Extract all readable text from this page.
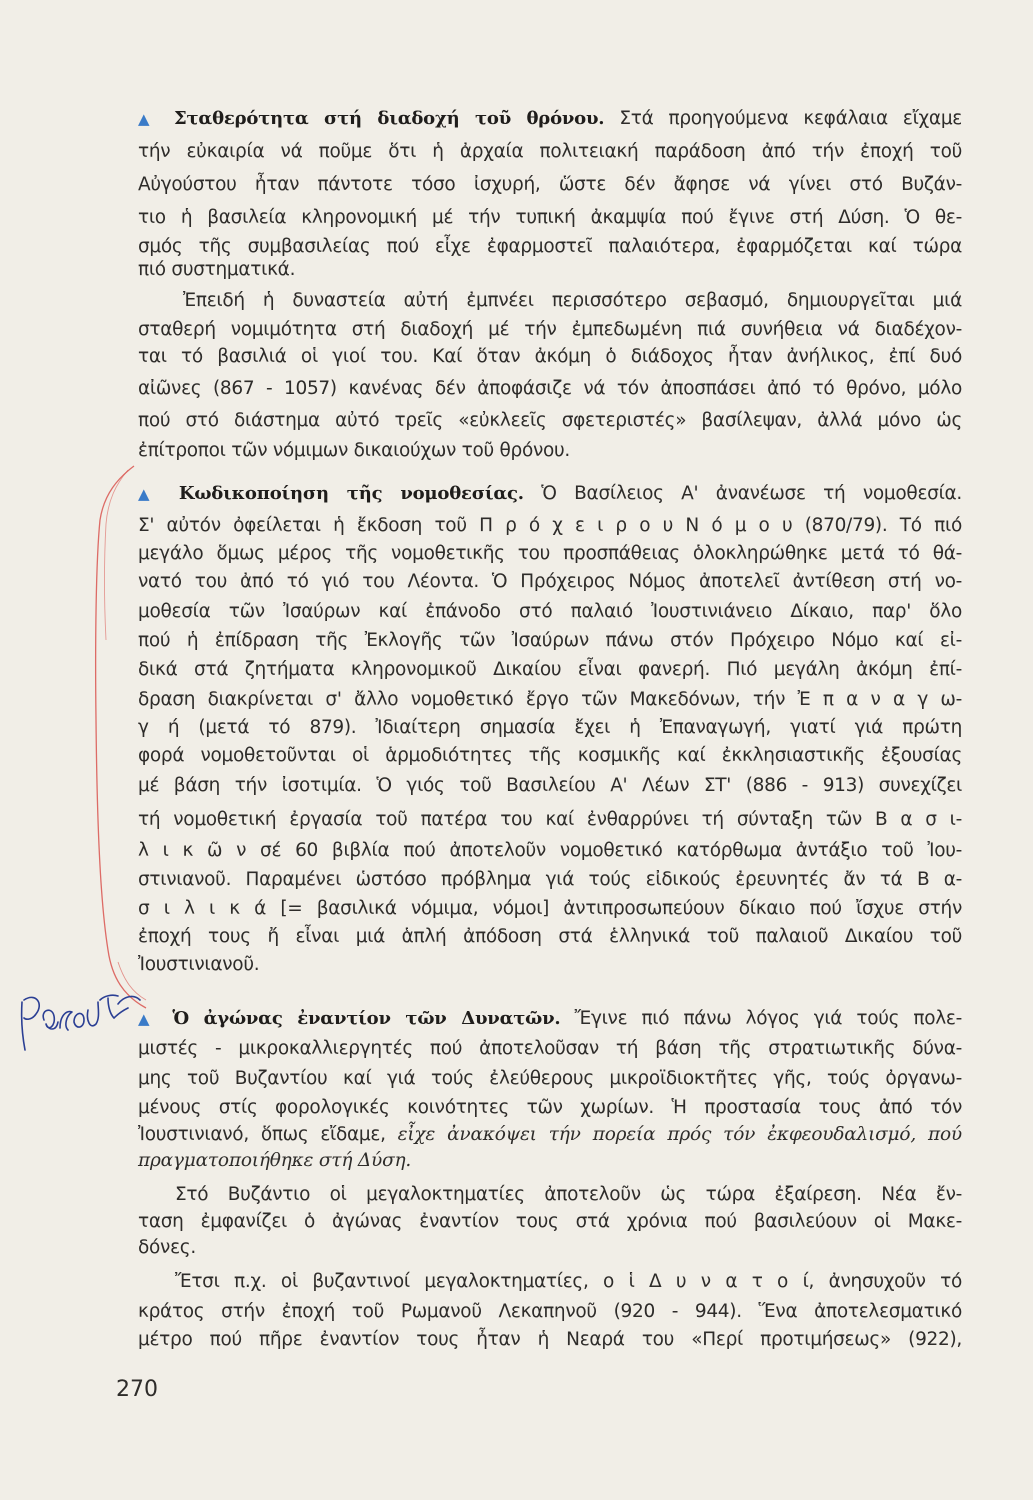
▲ Σταθερότητα στή διαδοχή τοῦ θρόνου. Στά προηγούμενα κεφάλαια εἴχαμε
τήν εὐκαιρία νά ποῦμε ὅτι ἡ ἀρχαία πολιτειακή παράδοση ἀπό τήν ἐποχή τοῦ
Αὐγούστου ἦταν πάντοτε τόσο ἰσχυρή, ὥστε δέν ἄφησε νά γίνει στό Βυζάν-
τιο ἡ βασιλεία κληρονομική μέ τήν τυπική ἀκαμψία πού ἔγινε στή Δύση. Ὁ θε-
σμός τῆς συμβασιλείας πού εἶχε ἐφαρμοστεῖ παλαιότερα, ἐφαρμόζεται καί τώρα
πιό συστηματικά.
Ἐπειδή ἡ δυναστεία αὐτή ἐμπνέει περισσότερο σεβασμό, δημιουργεῖται μιά
σταθερή νομιμότητα στή διαδοχή μέ τήν ἐμπεδωμένη πιά συνήθεια νά διαδέχον-
ται τό βασιλιά οἱ γιοί του. Καί ὅταν ἀκόμη ὁ διάδοχος ἦταν ἀνήλικος, ἐπί δυό
αἰῶνες (867 - 1057) κανένας δέν ἀποφάσιζε νά τόν ἀποσπάσει ἀπό τό θρόνο, μόλο
πού στό διάστημα αὐτό τρεῖς «εὐκλεεῖς σφετεριστές» βασίλεψαν, ἀλλά μόνο ὡς
ἐπίτροποι τῶν νόμιμων δικαιούχων τοῦ θρόνου.
▲ Κωδικοποίηση τῆς νομοθεσίας. Ὁ Βασίλειος Α' ἀνανέωσε τή νομοθεσία.
Σ' αὐτόν ὀφείλεται ἡ ἔκδοση τοῦ Π ρ ό χ ε ι ρ ο υ Ν ό μ ο υ (870/79). Τό πιό
μεγάλο ὅμως μέρος τῆς νομοθετικῆς του προσπάθειας ὁλοκληρώθηκε μετά τό θά-
νατό του ἀπό τό γιό του Λέοντα. Ὁ Πρόχειρος Νόμος ἀποτελεῖ ἀντίθεση στή νο-
μοθεσία τῶν Ἰσαύρων καί ἐπάνοδο στό παλαιό Ἰουστινιάνειο Δίκαιο, παρ' ὅλο
πού ἡ ἐπίδραση τῆς Ἐκλογῆς τῶν Ἰσαύρων πάνω στόν Πρόχειρο Νόμο καί εἰ-
δικά στά ζητήματα κληρονομικοῦ Δικαίου εἶναι φανερή. Πιό μεγάλη ἀκόμη ἐπί-
δραση διακρίνεται σ' ἄλλο νομοθετικό ἔργο τῶν Μακεδόνων, τήν Ἐ π α ν α γ ω-
γ ή (μετά τό 879). Ἰδιαίτερη σημασία ἔχει ἡ Ἐπαναγωγή, γιατί γιά πρώτη
φορά νομοθετοῦνται οἱ ἁρμοδιότητες τῆς κοσμικῆς καί ἐκκλησιαστικῆς ἐξουσίας
μέ βάση τήν ἰσοτιμία. Ὁ γιός τοῦ Βασιλείου Α' Λέων ΣΤ' (886 - 913) συνεχίζει
τή νομοθετική ἐργασία τοῦ πατέρα του καί ἐνθαρρύνει τή σύνταξη τῶν Β α σ ι-
λ ι κ ῶ ν σέ 60 βιβλία πού ἀποτελοῦν νομοθετικό κατόρθωμα ἀντάξιο τοῦ Ἰου-
στινιανοῦ. Παραμένει ὡστόσο πρόβλημα γιά τούς εἰδικούς ἐρευνητές ἄν τά Β α-
σ ι λ ι κ ά [= βασιλικά νόμιμα, νόμοι] ἀντιπροσωπεύουν δίκαιο πού ἴσχυε στήν
ἐποχή τους ἤ εἶναι μιά ἁπλή ἀπόδοση στά ἑλληνικά τοῦ παλαιοῦ Δικαίου τοῦ
Ἰουστινιανοῦ.
▲ Ὁ ἀγώνας ἐναντίον τῶν Δυνατῶν. Ἔγινε πιό πάνω λόγος γιά τούς πολε-
μιστές - μικροκαλλιεργητές πού ἀποτελοῦσαν τή βάση τῆς στρατιωτικῆς δύνα-
μης τοῦ Βυζαντίου καί γιά τούς ἐλεύθερους μικροϊδιοκτῆτες γῆς, τούς ὀργανω-
μένους στίς φορολογικές κοινότητες τῶν χωρίων. Ἡ προστασία τους ἀπό τόν
Ἰουστινιανό, ὅπως εἴδαμε, εἶχε ἀνακόψει τήν πορεία πρός τόν ἐκφεουδαλισμό, πού
πραγματοποιήθηκε στή Δύση.
Στό Βυζάντιο οἱ μεγαλοκτηματίες ἀποτελοῦν ὡς τώρα ἐξαίρεση. Νέα ἔν-
ταση ἐμφανίζει ὁ ἀγώνας ἐναντίον τους στά χρόνια πού βασιλεύουν οἱ Μακε-
δόνες.
Ἔτσι π.χ. οἱ βυζαντινοί μεγαλοκτηματίες, ο ἱ Δ υ ν α τ ο ί, ἀνησυχοῦν τό
κράτος στήν ἐποχή τοῦ Ρωμανοῦ Λεκαπηνοῦ (920 - 944). Ἕνα ἀποτελεσματικό
μέτρο πού πῆρε ἐναντίον τους ἦταν ἡ Νεαρά του «Περί προτιμήσεως» (922),
270
